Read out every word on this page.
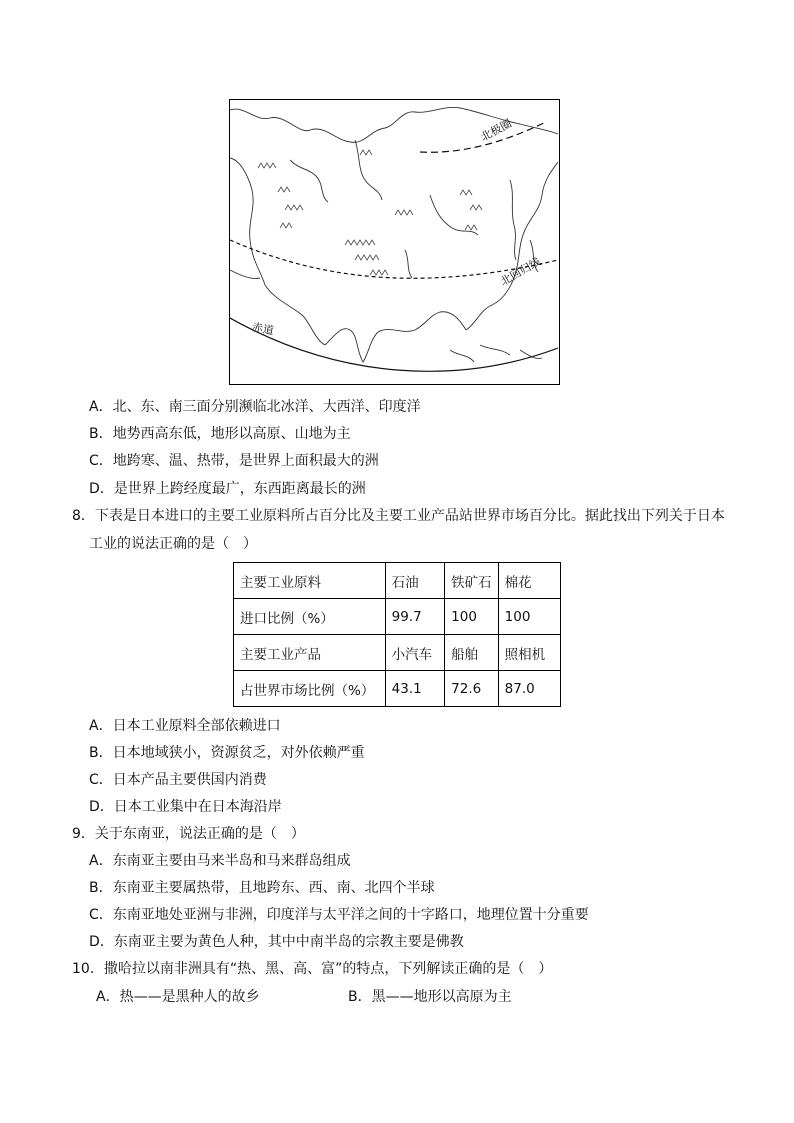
北极圈
北回归线
赤道
A．北、东、南三面分别濒临北冰洋、大西洋、印度洋
B．地势西高东低，地形以高原、山地为主
C．地跨寒、温、热带，是世界上面积最大的洲
D．是世界上跨经度最广，东西距离最长的洲
8．下表是日本进口的主要工业原料所占百分比及主要工业产品站世界市场百分比。据此找出下列关于日本
工业的说法正确的是（　）
主要工业原料	石油	铁矿石	棉花
进口比例（%）	99.7	100	100
主要工业产品	小汽车	船舶	照相机
占世界市场比例（%）	43.1	72.6	87.0
A．日本工业原料全部依赖进口
B．日本地域狭小，资源贫乏，对外依赖严重
C．日本产品主要供国内消费
D．日本工业集中在日本海沿岸
9．关于东南亚，说法正确的是（　）
A．东南亚主要由马来半岛和马来群岛组成
B．东南亚主要属热带，且地跨东、西、南、北四个半球
C．东南亚地处亚洲与非洲，印度洋与太平洋之间的十字路口，地理位置十分重要
D．东南亚主要为黄色人种，其中中南半岛的宗教主要是佛教
10．撒哈拉以南非洲具有“热、黑、高、富”的特点，下列解读正确的是（　）
A．热——是黑种人的故乡	B．黑——地形以高原为主
